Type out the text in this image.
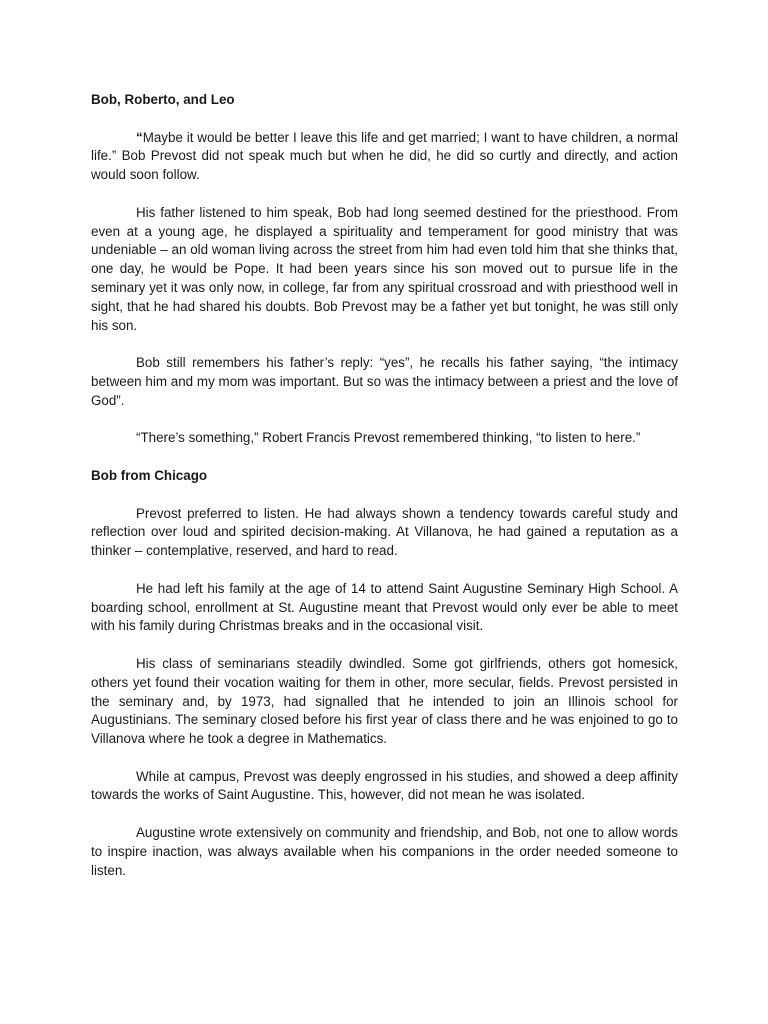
Bob, Roberto, and Leo

“Maybe it would be better I leave this life and get married; I want to have children, a normal life.” Bob Prevost did not speak much but when he did, he did so curtly and directly, and action would soon follow.

His father listened to him speak, Bob had long seemed destined for the priesthood. From even at a young age, he displayed a spirituality and temperament for good ministry that was undeniable – an old woman living across the street from him had even told him that she thinks that, one day, he would be Pope. It had been years since his son moved out to pursue life in the seminary yet it was only now, in college, far from any spiritual crossroad and with priesthood well in sight, that he had shared his doubts. Bob Prevost may be a father yet but tonight, he was still only his son.

Bob still remembers his father’s reply: “yes”, he recalls his father saying, “the intimacy between him and my mom was important. But so was the intimacy between a priest and the love of God”.

“There’s something,” Robert Francis Prevost remembered thinking, “to listen to here.”

Bob from Chicago

Prevost preferred to listen. He had always shown a tendency towards careful study and reflection over loud and spirited decision-making. At Villanova, he had gained a reputation as a thinker – contemplative, reserved, and hard to read.

He had left his family at the age of 14 to attend Saint Augustine Seminary High School. A boarding school, enrollment at St. Augustine meant that Prevost would only ever be able to meet with his family during Christmas breaks and in the occasional visit.

His class of seminarians steadily dwindled. Some got girlfriends, others got homesick, others yet found their vocation waiting for them in other, more secular, fields. Prevost persisted in the seminary and, by 1973, had signalled that he intended to join an Illinois school for Augustinians. The seminary closed before his first year of class there and he was enjoined to go to Villanova where he took a degree in Mathematics.

While at campus, Prevost was deeply engrossed in his studies, and showed a deep affinity towards the works of Saint Augustine. This, however, did not mean he was isolated.

Augustine wrote extensively on community and friendship, and Bob, not one to allow words to inspire inaction, was always available when his companions in the order needed someone to listen.
